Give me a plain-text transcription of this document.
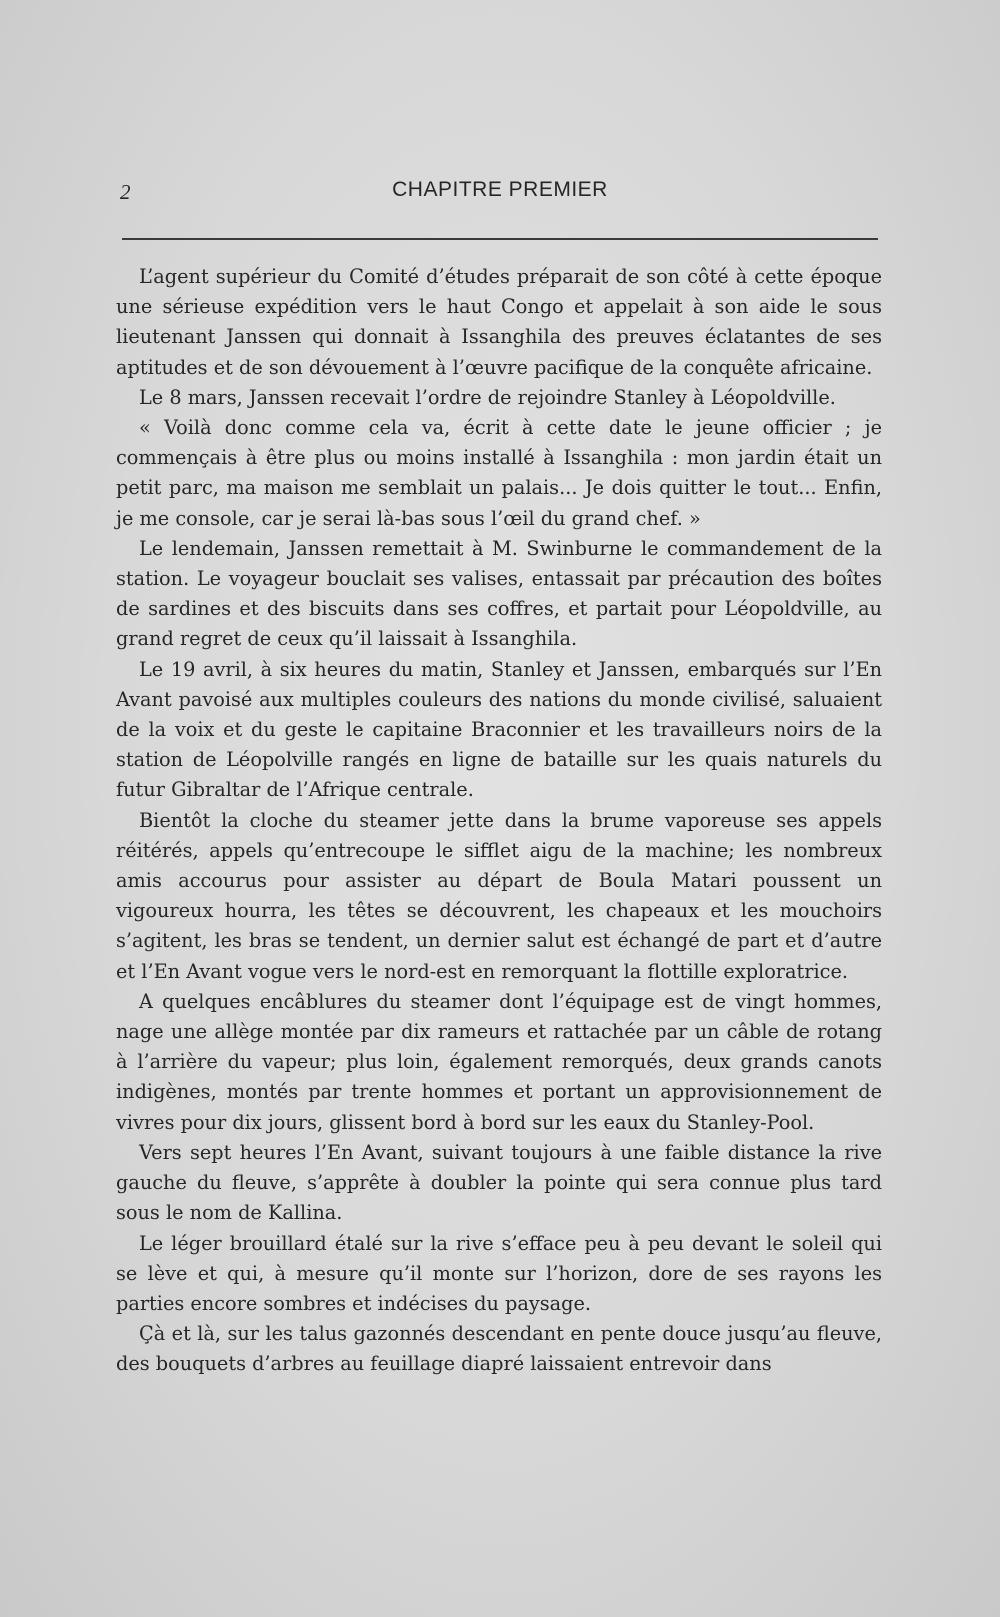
2	CHAPITRE PREMIER

L’agent supérieur du Comité d’études préparait de son côté à cette époque une sérieuse expédition vers le haut Congo et appelait à son aide le sous lieutenant Janssen qui donnait à Issanghila des preuves éclatantes de ses aptitudes et de son dévouement à l’œuvre pacifique de la conquête africaine.

Le 8 mars, Janssen recevait l’ordre de rejoindre Stanley à Léopoldville.

« Voilà donc comme cela va, écrit à cette date le jeune officier ; je commençais à être plus ou moins installé à Issanghila : mon jardin était un petit parc, ma maison me semblait un palais... Je dois quitter le tout... Enfin, je me console, car je serai là-bas sous l’œil du grand chef. »

Le lendemain, Janssen remettait à M. Swinburne le commandement de la station. Le voyageur bouclait ses valises, entassait par précaution des boîtes de sardines et des biscuits dans ses coffres, et partait pour Léopoldville, au grand regret de ceux qu’il laissait à Issanghila.

Le 19 avril, à six heures du matin, Stanley et Janssen, embarqués sur l’En Avant pavoisé aux multiples couleurs des nations du monde civilisé, saluaient de la voix et du geste le capitaine Braconnier et les travailleurs noirs de la station de Léopolville rangés en ligne de bataille sur les quais naturels du futur Gibraltar de l’Afrique centrale.

Bientôt la cloche du steamer jette dans la brume vaporeuse ses appels réitérés, appels qu’entrecoupe le sifflet aigu de la machine; les nombreux amis accourus pour assister au départ de Boula Matari poussent un vigoureux hourra, les têtes se découvrent, les chapeaux et les mouchoirs s’agitent, les bras se tendent, un dernier salut est échangé de part et d’autre et l’En Avant vogue vers le nord-est en remorquant la flottille exploratrice.

A quelques encâblures du steamer dont l’équipage est de vingt hommes, nage une allège montée par dix rameurs et rattachée par un câble de rotang à l’arrière du vapeur; plus loin, également remorqués, deux grands canots indigènes, montés par trente hommes et portant un approvisionnement de vivres pour dix jours, glissent bord à bord sur les eaux du Stanley-Pool.

Vers sept heures l’En Avant, suivant toujours à une faible distance la rive gauche du fleuve, s’apprête à doubler la pointe qui sera connue plus tard sous le nom de Kallina.

Le léger brouillard étalé sur la rive s’efface peu à peu devant le soleil qui se lève et qui, à mesure qu’il monte sur l’horizon, dore de ses rayons les parties encore sombres et indécises du paysage.

Çà et là, sur les talus gazonnés descendant en pente douce jusqu’au fleuve, des bouquets d’arbres au feuillage diapré laissaient entrevoir dans
